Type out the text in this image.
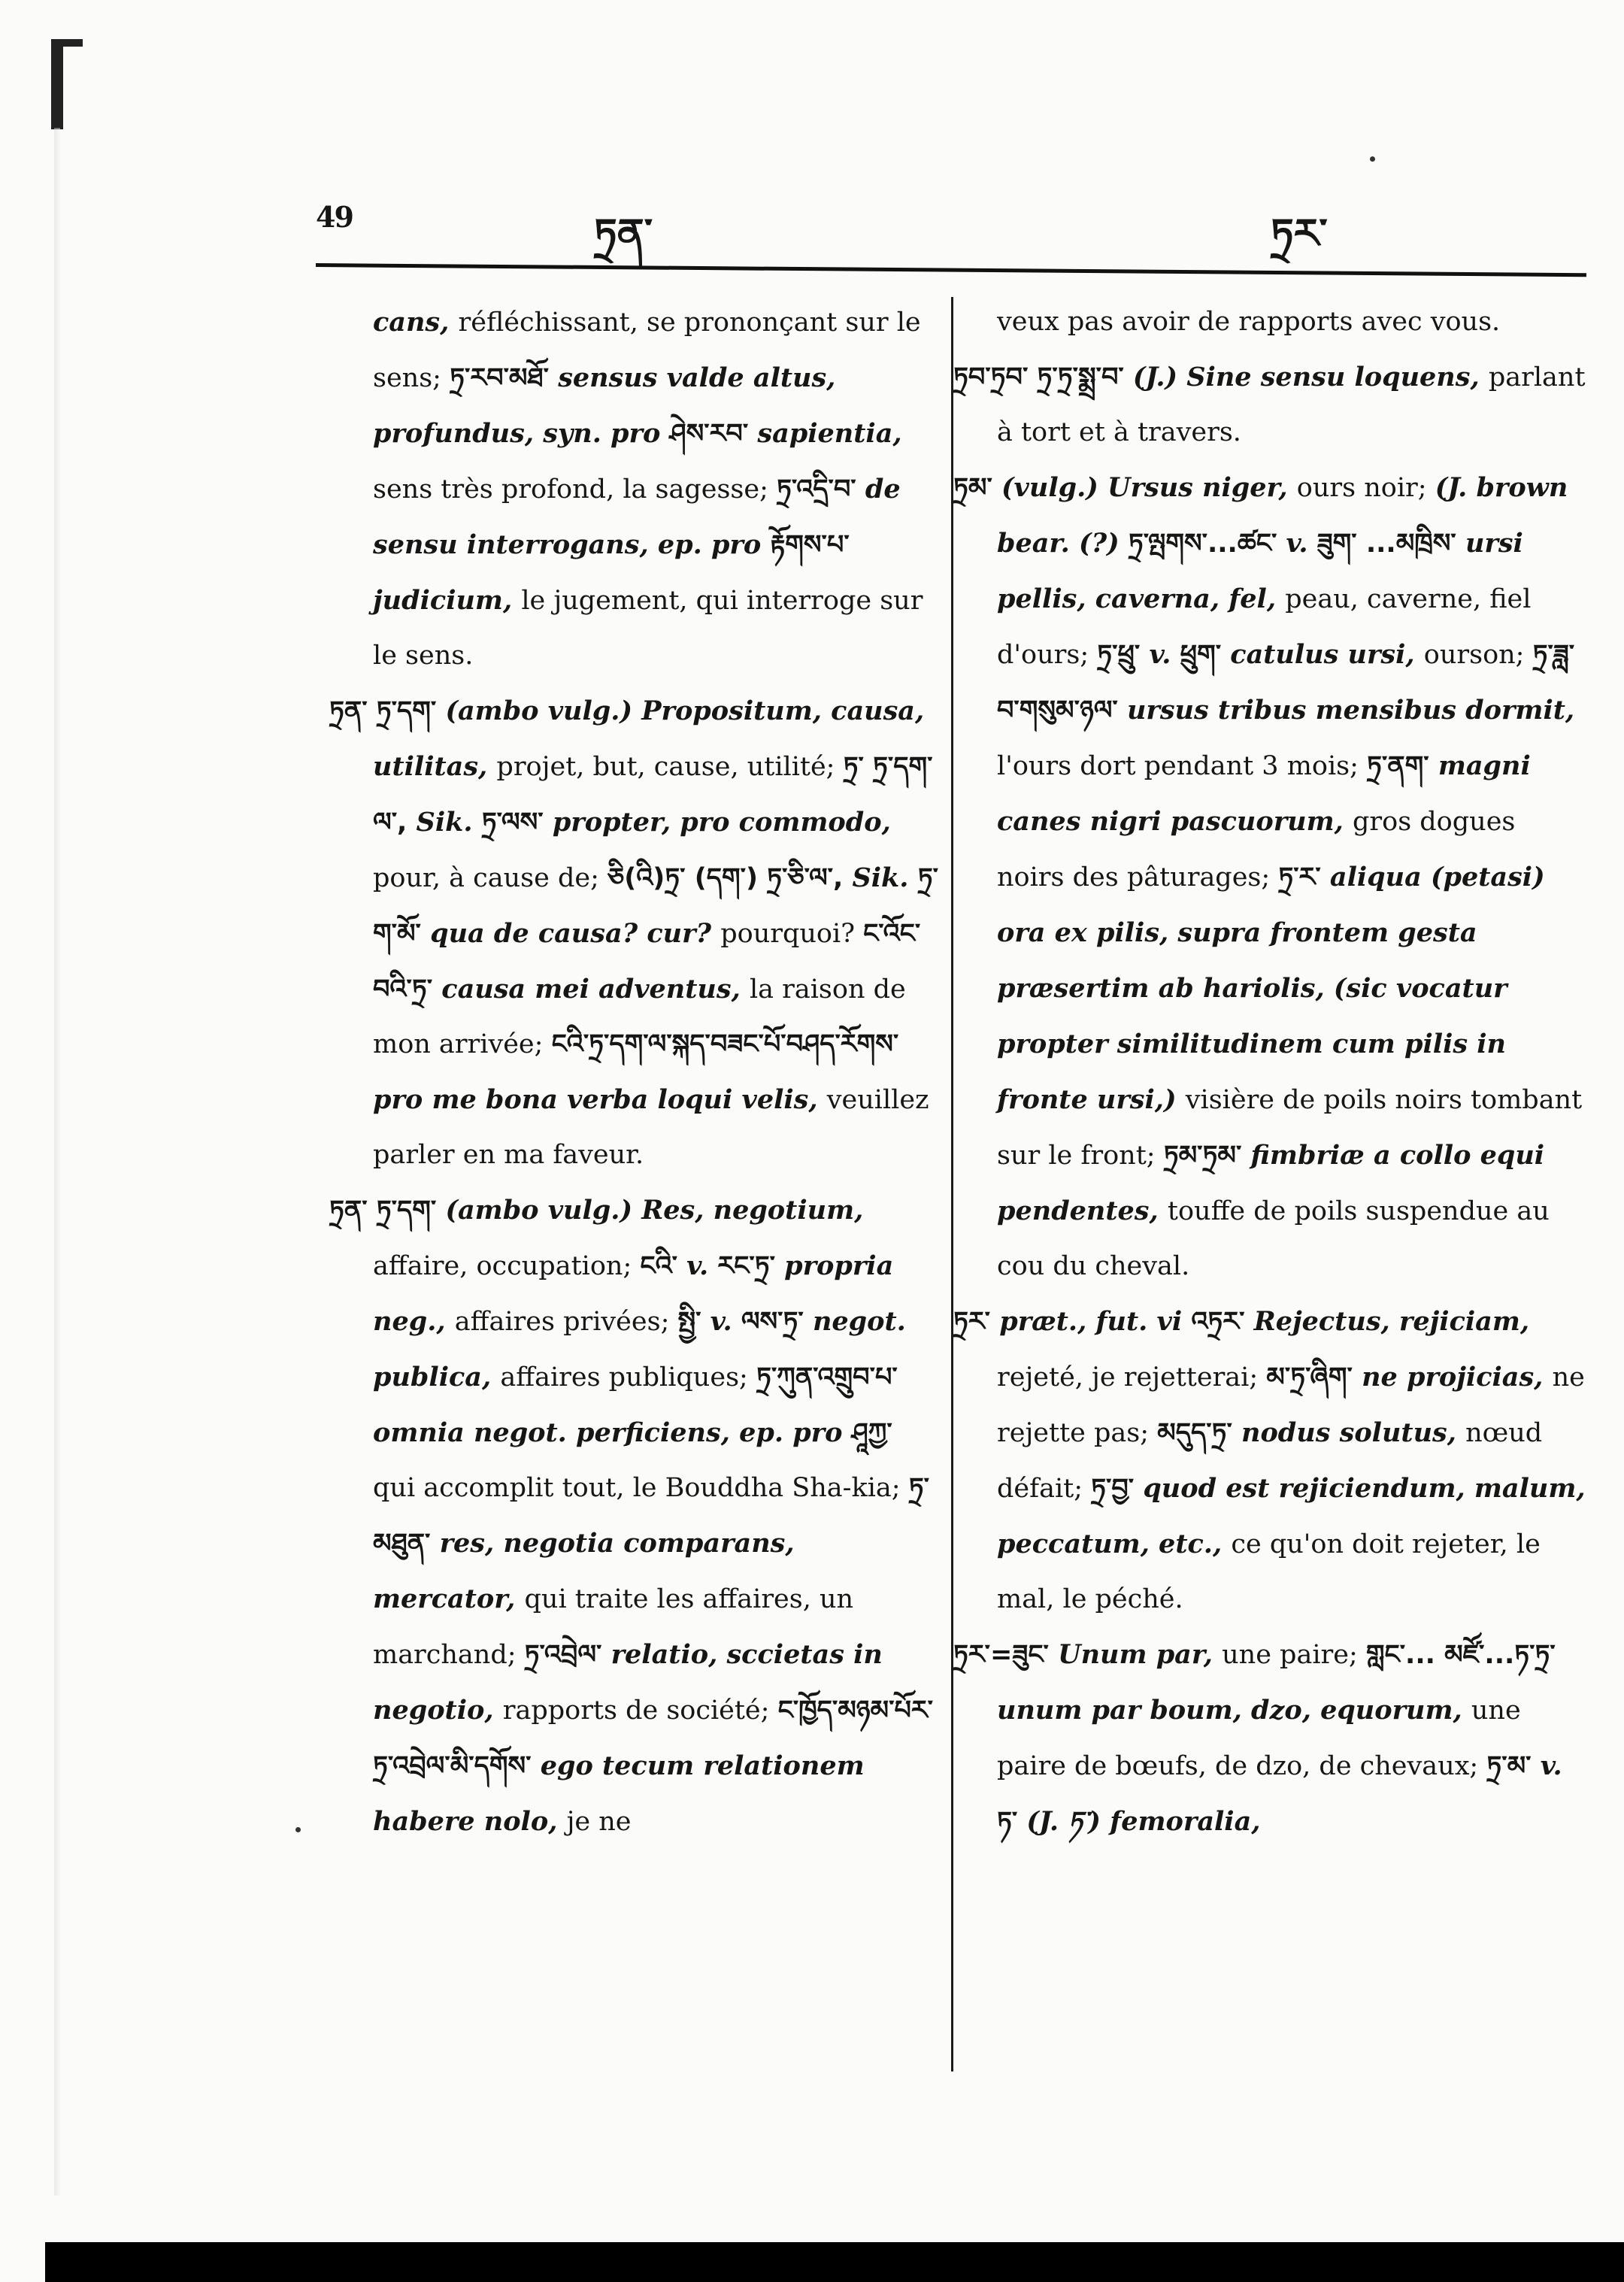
49	ཏྲན་	ཏྲར་

cans, réfléchissant, se prononçant sur le sens; ཏྲ་རབ་མཐོ་ sensus valde altus, profundus, syn. pro ཤེས་རབ་ sapientia, sens très profond, la sagesse; ཏྲ་འདྲི་བ་ de sensu interrogans, ep. pro རྟོགས་པ་ judicium, le jugement, qui interroge sur le sens.

ཏྲན་ ཏྲ་དག་ (ambo vulg.) Propositum, causa, utilitas, projet, but, cause, utilité; ཏྲ་ ཏྲ་དག་ལ་, Sik. ཏྲ་ལས་ propter, pro commodo, pour, à cause de; ཅི(འི)ཏྲ་ (དག་) ཏྲ་ཅི་ལ་, Sik. ཏྲ་ག་མོ་ qua de causa? cur? pourquoi? ང་འོང་བའི་ཏྲ་ causa mei adventus, la raison de mon arrivée; ངའི་ཏྲ་དག་ལ་སྐད་བཟང་པོ་བཤད་རོགས་ pro me bona verba loqui velis, veuillez parler en ma faveur.

ཏྲན་ ཏྲ་དག་ (ambo vulg.) Res, negotium, affaire, occupation; ངའི་ v. རང་ཏྲ་ propria neg., affaires privées; སྤྱི་ v. ལས་ཏྲ་ negot. publica, affaires publiques; ཏྲ་ཀུན་འགྲུབ་པ་ omnia negot. perficiens, ep. pro ཤཱཀྱ་ qui accomplit tout, le Bouddha Sha-kia; ཏྲ་མཐུན་ res, negotia comparans, mercator, qui traite les affaires, un marchand; ཏྲ་འབྲེལ་ relatio, sccietas in negotio, rapports de société; ང་ཁྱོད་མཉམ་པོར་ཏྲ་འབྲེལ་མི་དགོས་ ego tecum relationem habere nolo, je ne

veux pas avoir de rapports avec vous.

ཏྲབ་ཏྲབ་ ཏྲ་ཏྲ་སྨྲ་བ་ (J.) Sine sensu loquens, parlant à tort et à travers.

ཏྲམ་ (vulg.) Ursus niger, ours noir; (J. brown bear. (?) ཏྲ་ལྤགས་...ཚང་ v. ཟུག་ ...མཁྲིས་ ursi pellis, caverna, fel, peau, caverne, fiel d'ours; ཏྲ་ཕྲུ་ v. ཕྲུག་ catulus ursi, ourson; ཏྲ་ཟླ་བ་གསུམ་ཉལ་ ursus tribus mensibus dormit, l'ours dort pendant 3 mois; ཏྲ་ནག་ magni canes nigri pascuorum, gros dogues noirs des pâturages; ཏྲ་ར་ aliqua (petasi) ora ex pilis, supra frontem gesta præsertim ab hariolis, (sic vocatur propter similitudinem cum pilis in fronte ursi,) visière de poils noirs tombant sur le front; ཏྲམ་ཏྲམ་ fimbriæ a collo equi pendentes, touffe de poils suspendue au cou du cheval.

ཏྲར་ præt., fut. vi འཏྲར་ Rejectus, rejiciam, rejeté, je rejetterai; མ་ཏྲ་ཞིག་ ne projicias, ne rejette pas; མདུད་ཏྲ་ nodus solutus, nœud défait; ཏྲ་བྱ་ quod est rejiciendum, malum, peccatum, etc., ce qu'on doit rejeter, le mal, le péché.

ཏྲར་=ཟུང་ Unum par, une paire; གླང་... མཛོ་...ཏ་ཏྲ་ unum par boum, dzo, equorum, une paire de bœufs, de dzo, de chevaux; ཏྲ་མ་ v. ཏ་ (J. ཏ་) femoralia,
